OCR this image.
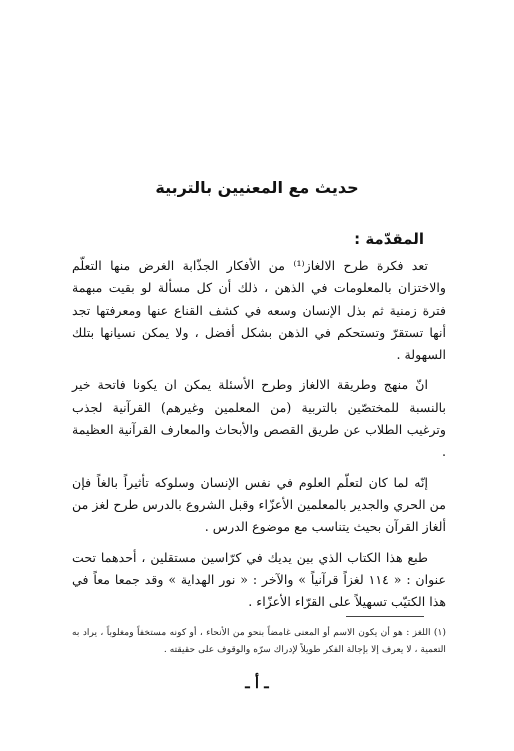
حديث مع المعنيين بالتربية
المقدّمة :

تعد فكرة طرح الالغاز⁽¹⁾ من الأفكار الجذّابة الغرض منها التعلّم والاختزان بالمعلومات في الذهن ، ذلك أن كل مسألة لو بقيت مبهمة فترة زمنية ثم بذل الإنسان وسعه في كشف القناع عنها ومعرفتها تجد أنها تستقرّ وتستحكم في الذهن بشكل أفضل ، ولا يمكن نسيانها بتلك السهولة .

انّ منهج وطريقة الالغاز وطرح الأسئلة يمكن ان يكونا فاتحة خير بالنسبة للمختصّين بالتربية (من المعلمين وغيرهم) القرآنية لجذب وترغيب الطلاب عن طريق القصص والأبحاث والمعارف القرآنية العظيمة .

إنّه لما كان لتعلّم العلوم في نفس الإنسان وسلوكه تأثيراً بالغاً فإن من الحري والجدير بالمعلمين الأعزّاء وقبل الشروع بالدرس طرح لغز من ألغاز القرآن بحيث يتناسب مع موضوع الدرس .

طبع هذا الكتاب الذي بين يديك في كرّاسين مستقلين ، أحدهما تحت عنوان : « ١١٤ لغزاً قرآنياً » والآخر : « نور الهداية » وقد جمعا معاً في هذا الكتيّب تسهيلاً على القرّاء الأعزّاء .

(١) اللغز : هو أن يكون الاسم أو المعنى غامضاً بنحو من الأنحاء ، أو كونه مستخفاً ومغلوباً ، يراد به التعمية ، لا يعرف إلا بإجالة الفكر طويلاً لإدراك سرّه والوقوف على حقيقته .

ـ أ ـ
